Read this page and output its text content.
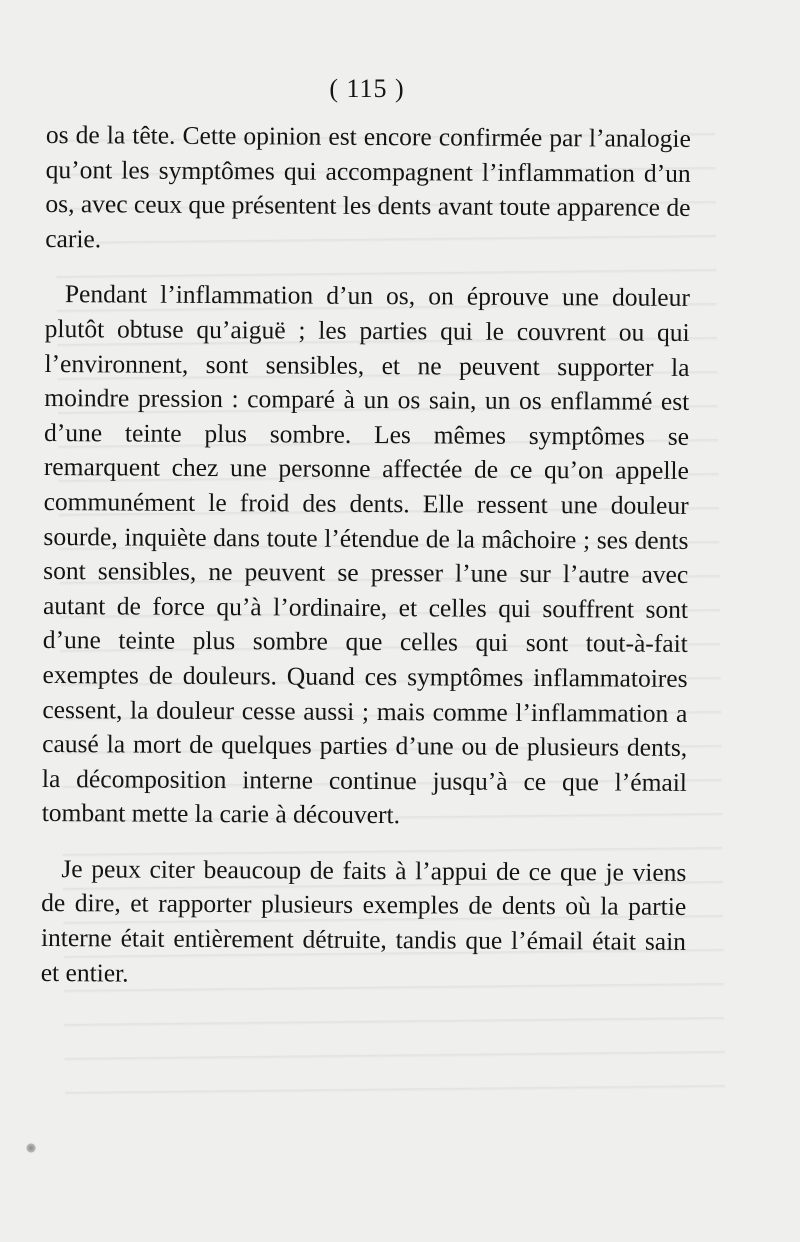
( 115 )

os de la tête. Cette opinion est encore confirmée par l’analogie qu’ont les symptômes qui accompagnent l’inflammation d’un os, avec ceux que présentent les dents avant toute apparence de carie.

Pendant l’inflammation d’un os, on éprouve une douleur plutôt obtuse qu’aiguë ; les parties qui le couvrent ou qui l’environnent, sont sensibles, et ne peuvent supporter la moindre pression : comparé à un os sain, un os enflammé est d’une teinte plus sombre. Les mêmes symptômes se remarquent chez une personne affectée de ce qu’on appelle communément le froid des dents. Elle ressent une douleur sourde, inquiète dans toute l’étendue de la mâchoire ; ses dents sont sensibles, ne peuvent se presser l’une sur l’autre avec autant de force qu’à l’ordinaire, et celles qui souffrent sont d’une teinte plus sombre que celles qui sont tout-à-fait exemptes de douleurs. Quand ces symptômes inflammatoires cessent, la douleur cesse aussi ; mais comme l’inflammation a causé la mort de quelques parties d’une ou de plusieurs dents, la décomposition interne continue jusqu’à ce que l’émail tombant mette la carie à découvert.

Je peux citer beaucoup de faits à l’appui de ce que je viens de dire, et rapporter plusieurs exemples de dents où la partie interne était entièrement détruite, tandis que l’émail était sain et entier.
